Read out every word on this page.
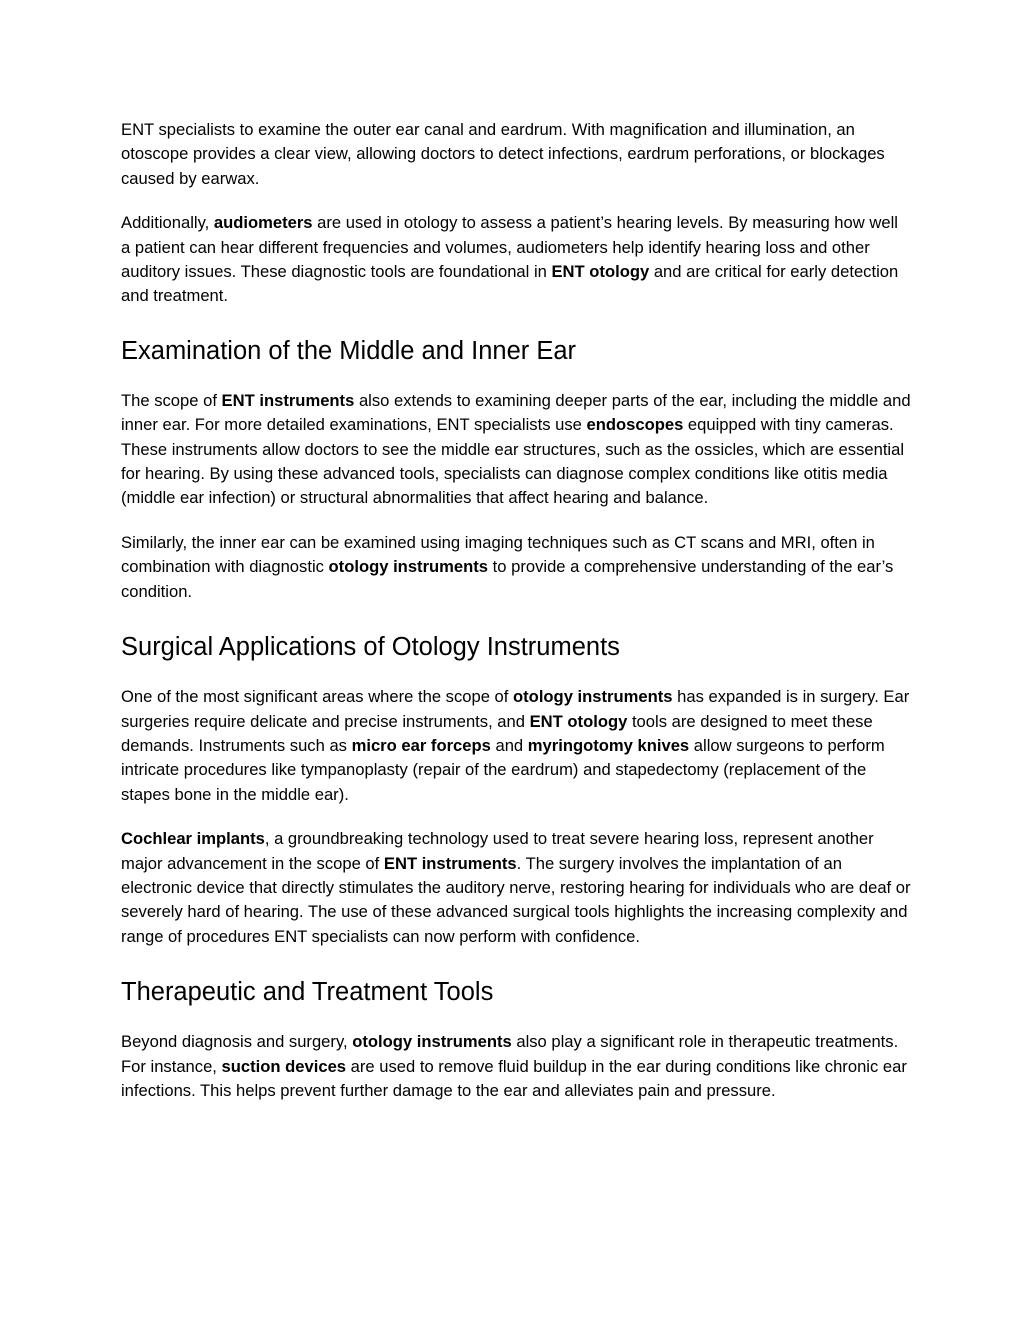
ENT specialists to examine the outer ear canal and eardrum. With magnification and illumination, an otoscope provides a clear view, allowing doctors to detect infections, eardrum perforations, or blockages caused by earwax.

Additionally, audiometers are used in otology to assess a patient’s hearing levels. By measuring how well a patient can hear different frequencies and volumes, audiometers help identify hearing loss and other auditory issues. These diagnostic tools are foundational in ENT otology and are critical for early detection and treatment.

Examination of the Middle and Inner Ear

The scope of ENT instruments also extends to examining deeper parts of the ear, including the middle and inner ear. For more detailed examinations, ENT specialists use endoscopes equipped with tiny cameras. These instruments allow doctors to see the middle ear structures, such as the ossicles, which are essential for hearing. By using these advanced tools, specialists can diagnose complex conditions like otitis media (middle ear infection) or structural abnormalities that affect hearing and balance.

Similarly, the inner ear can be examined using imaging techniques such as CT scans and MRI, often in combination with diagnostic otology instruments to provide a comprehensive understanding of the ear’s condition.

Surgical Applications of Otology Instruments

One of the most significant areas where the scope of otology instruments has expanded is in surgery. Ear surgeries require delicate and precise instruments, and ENT otology tools are designed to meet these demands. Instruments such as micro ear forceps and myringotomy knives allow surgeons to perform intricate procedures like tympanoplasty (repair of the eardrum) and stapedectomy (replacement of the stapes bone in the middle ear).

Cochlear implants, a groundbreaking technology used to treat severe hearing loss, represent another major advancement in the scope of ENT instruments. The surgery involves the implantation of an electronic device that directly stimulates the auditory nerve, restoring hearing for individuals who are deaf or severely hard of hearing. The use of these advanced surgical tools highlights the increasing complexity and range of procedures ENT specialists can now perform with confidence.

Therapeutic and Treatment Tools

Beyond diagnosis and surgery, otology instruments also play a significant role in therapeutic treatments. For instance, suction devices are used to remove fluid buildup in the ear during conditions like chronic ear infections. This helps prevent further damage to the ear and alleviates pain and pressure.
